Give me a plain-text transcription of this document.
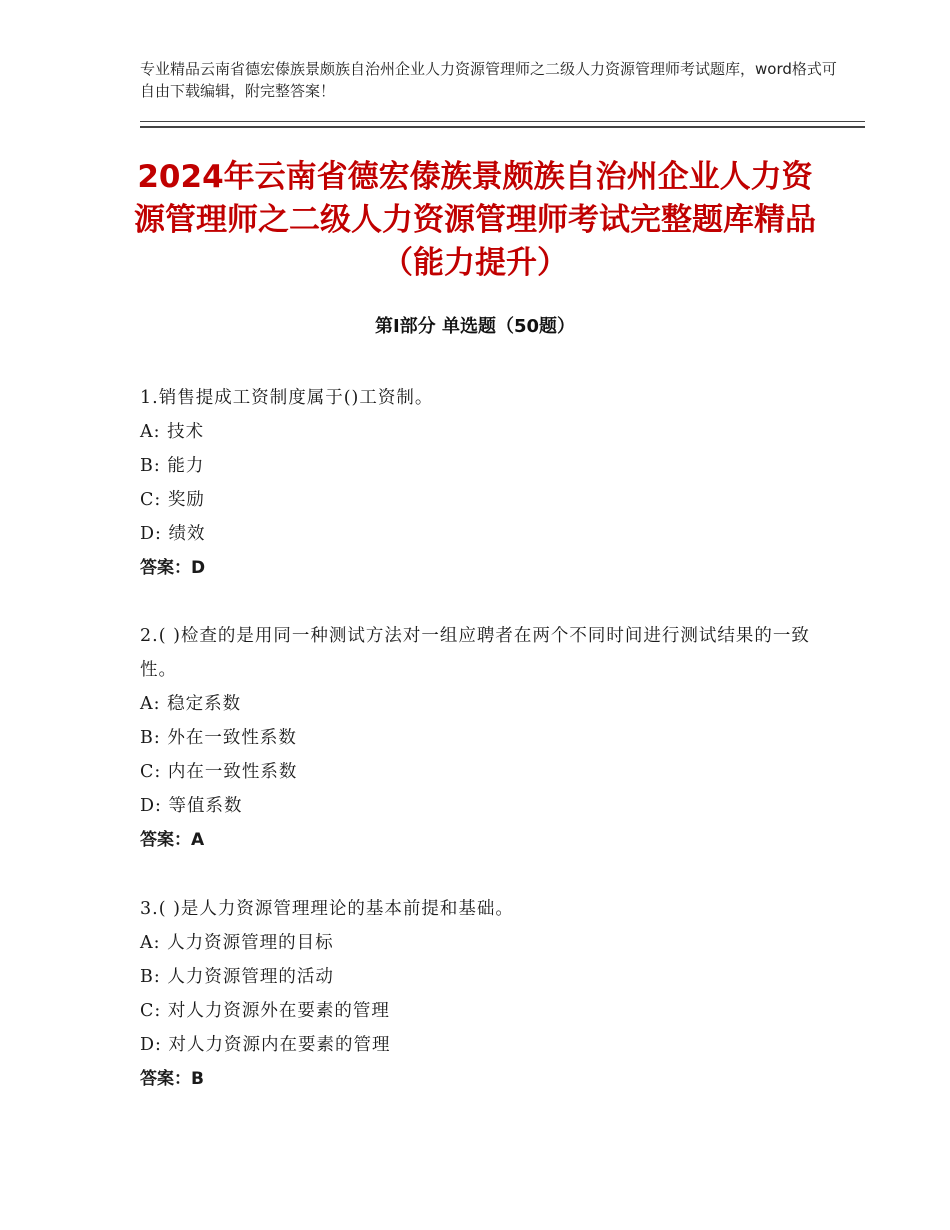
专业精品云南省德宏傣族景颇族自治州企业人力资源管理师之二级人力资源管理师考试题库，word格式可自由下载编辑，附完整答案！
2024年云南省德宏傣族景颇族自治州企业人力资源管理师之二级人力资源管理师考试完整题库精品（能力提升）
第Ⅰ部分 单选题（50题）

1.销售提成工资制度属于()工资制。

A: 技术

B: 能力

C: 奖励

D: 绩效

答案：D

2.( )检查的是用同一种测试方法对一组应聘者在两个不同时间进行测试结果的一致性。

A: 稳定系数

B: 外在一致性系数

C: 内在一致性系数

D: 等值系数

答案：A

3.( )是人力资源管理理论的基本前提和基础。

A: 人力资源管理的目标

B: 人力资源管理的活动

C: 对人力资源外在要素的管理

D: 对人力资源内在要素的管理

答案：B
